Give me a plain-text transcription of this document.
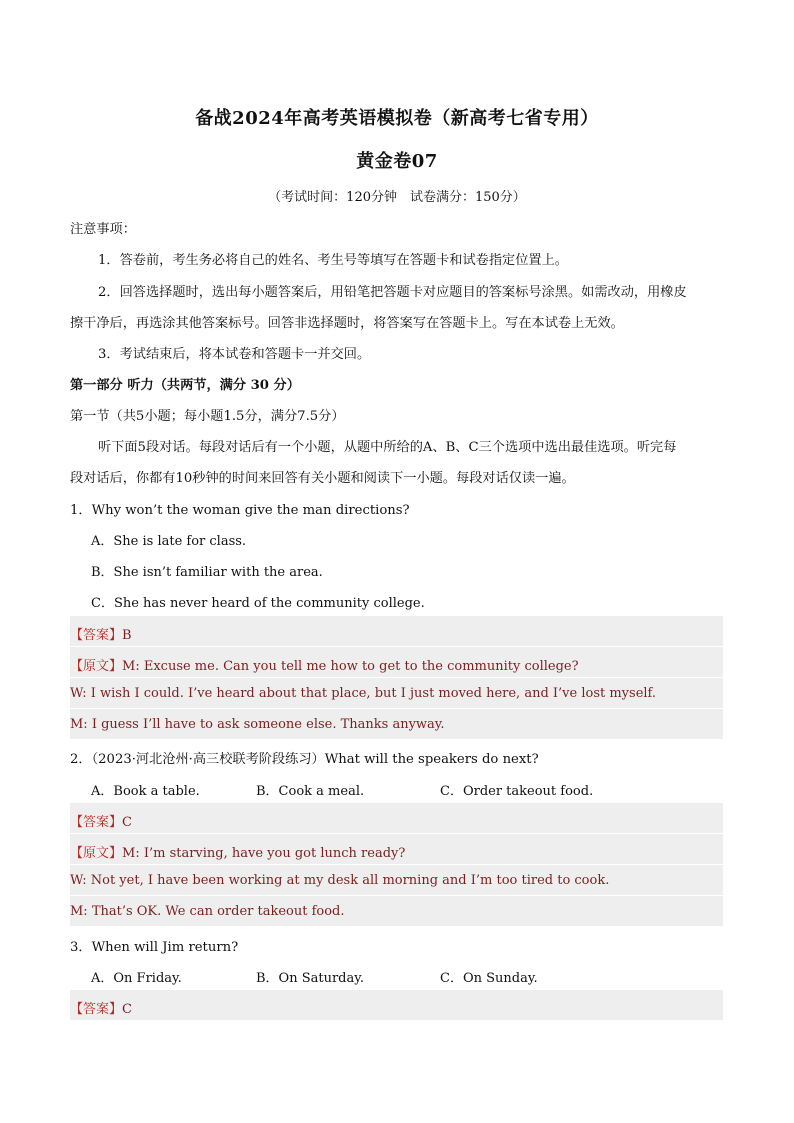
备战2024年高考英语模拟卷（新高考七省专用）
黄金卷07
（考试时间：120分钟　试卷满分：150分）
注意事项：
1．答卷前，考生务必将自己的姓名、考生号等填写在答题卡和试卷指定位置上。
2．回答选择题时，选出每小题答案后，用铅笔把答题卡对应题目的答案标号涂黑。如需改动，用橡皮
擦干净后，再选涂其他答案标号。回答非选择题时，将答案写在答题卡上。写在本试卷上无效。
3．考试结束后，将本试卷和答题卡一并交回。
第一部分 听力（共两节，满分 30 分）
第一节（共5小题；每小题1.5分，满分7.5分）
听下面5段对话。每段对话后有一个小题，从题中所给的A、B、C三个选项中选出最佳选项。听完每
段对话后，你都有10秒钟的时间来回答有关小题和阅读下一小题。每段对话仅读一遍。
1．Why won’t the woman give the man directions?
A．She is late for class.
B．She isn’t familiar with the area.
C．She has never heard of the community college.
【答案】B
【原文】M: Excuse me. Can you tell me how to get to the community college?
W: I wish I could. I’ve heard about that place, but I just moved here, and I’ve lost myself.
M: I guess I’ll have to ask someone else. Thanks anyway.
2．（2023·河北沧州·高三校联考阶段练习）What will the speakers do next?
A．Book a table.	B．Cook a meal.	C．Order takeout food.
【答案】C
【原文】M: I’m starving, have you got lunch ready?
W: Not yet, I have been working at my desk all morning and I’m too tired to cook.
M: That’s OK. We can order takeout food.
3．When will Jim return?
A．On Friday.	B．On Saturday.	C．On Sunday.
【答案】C
